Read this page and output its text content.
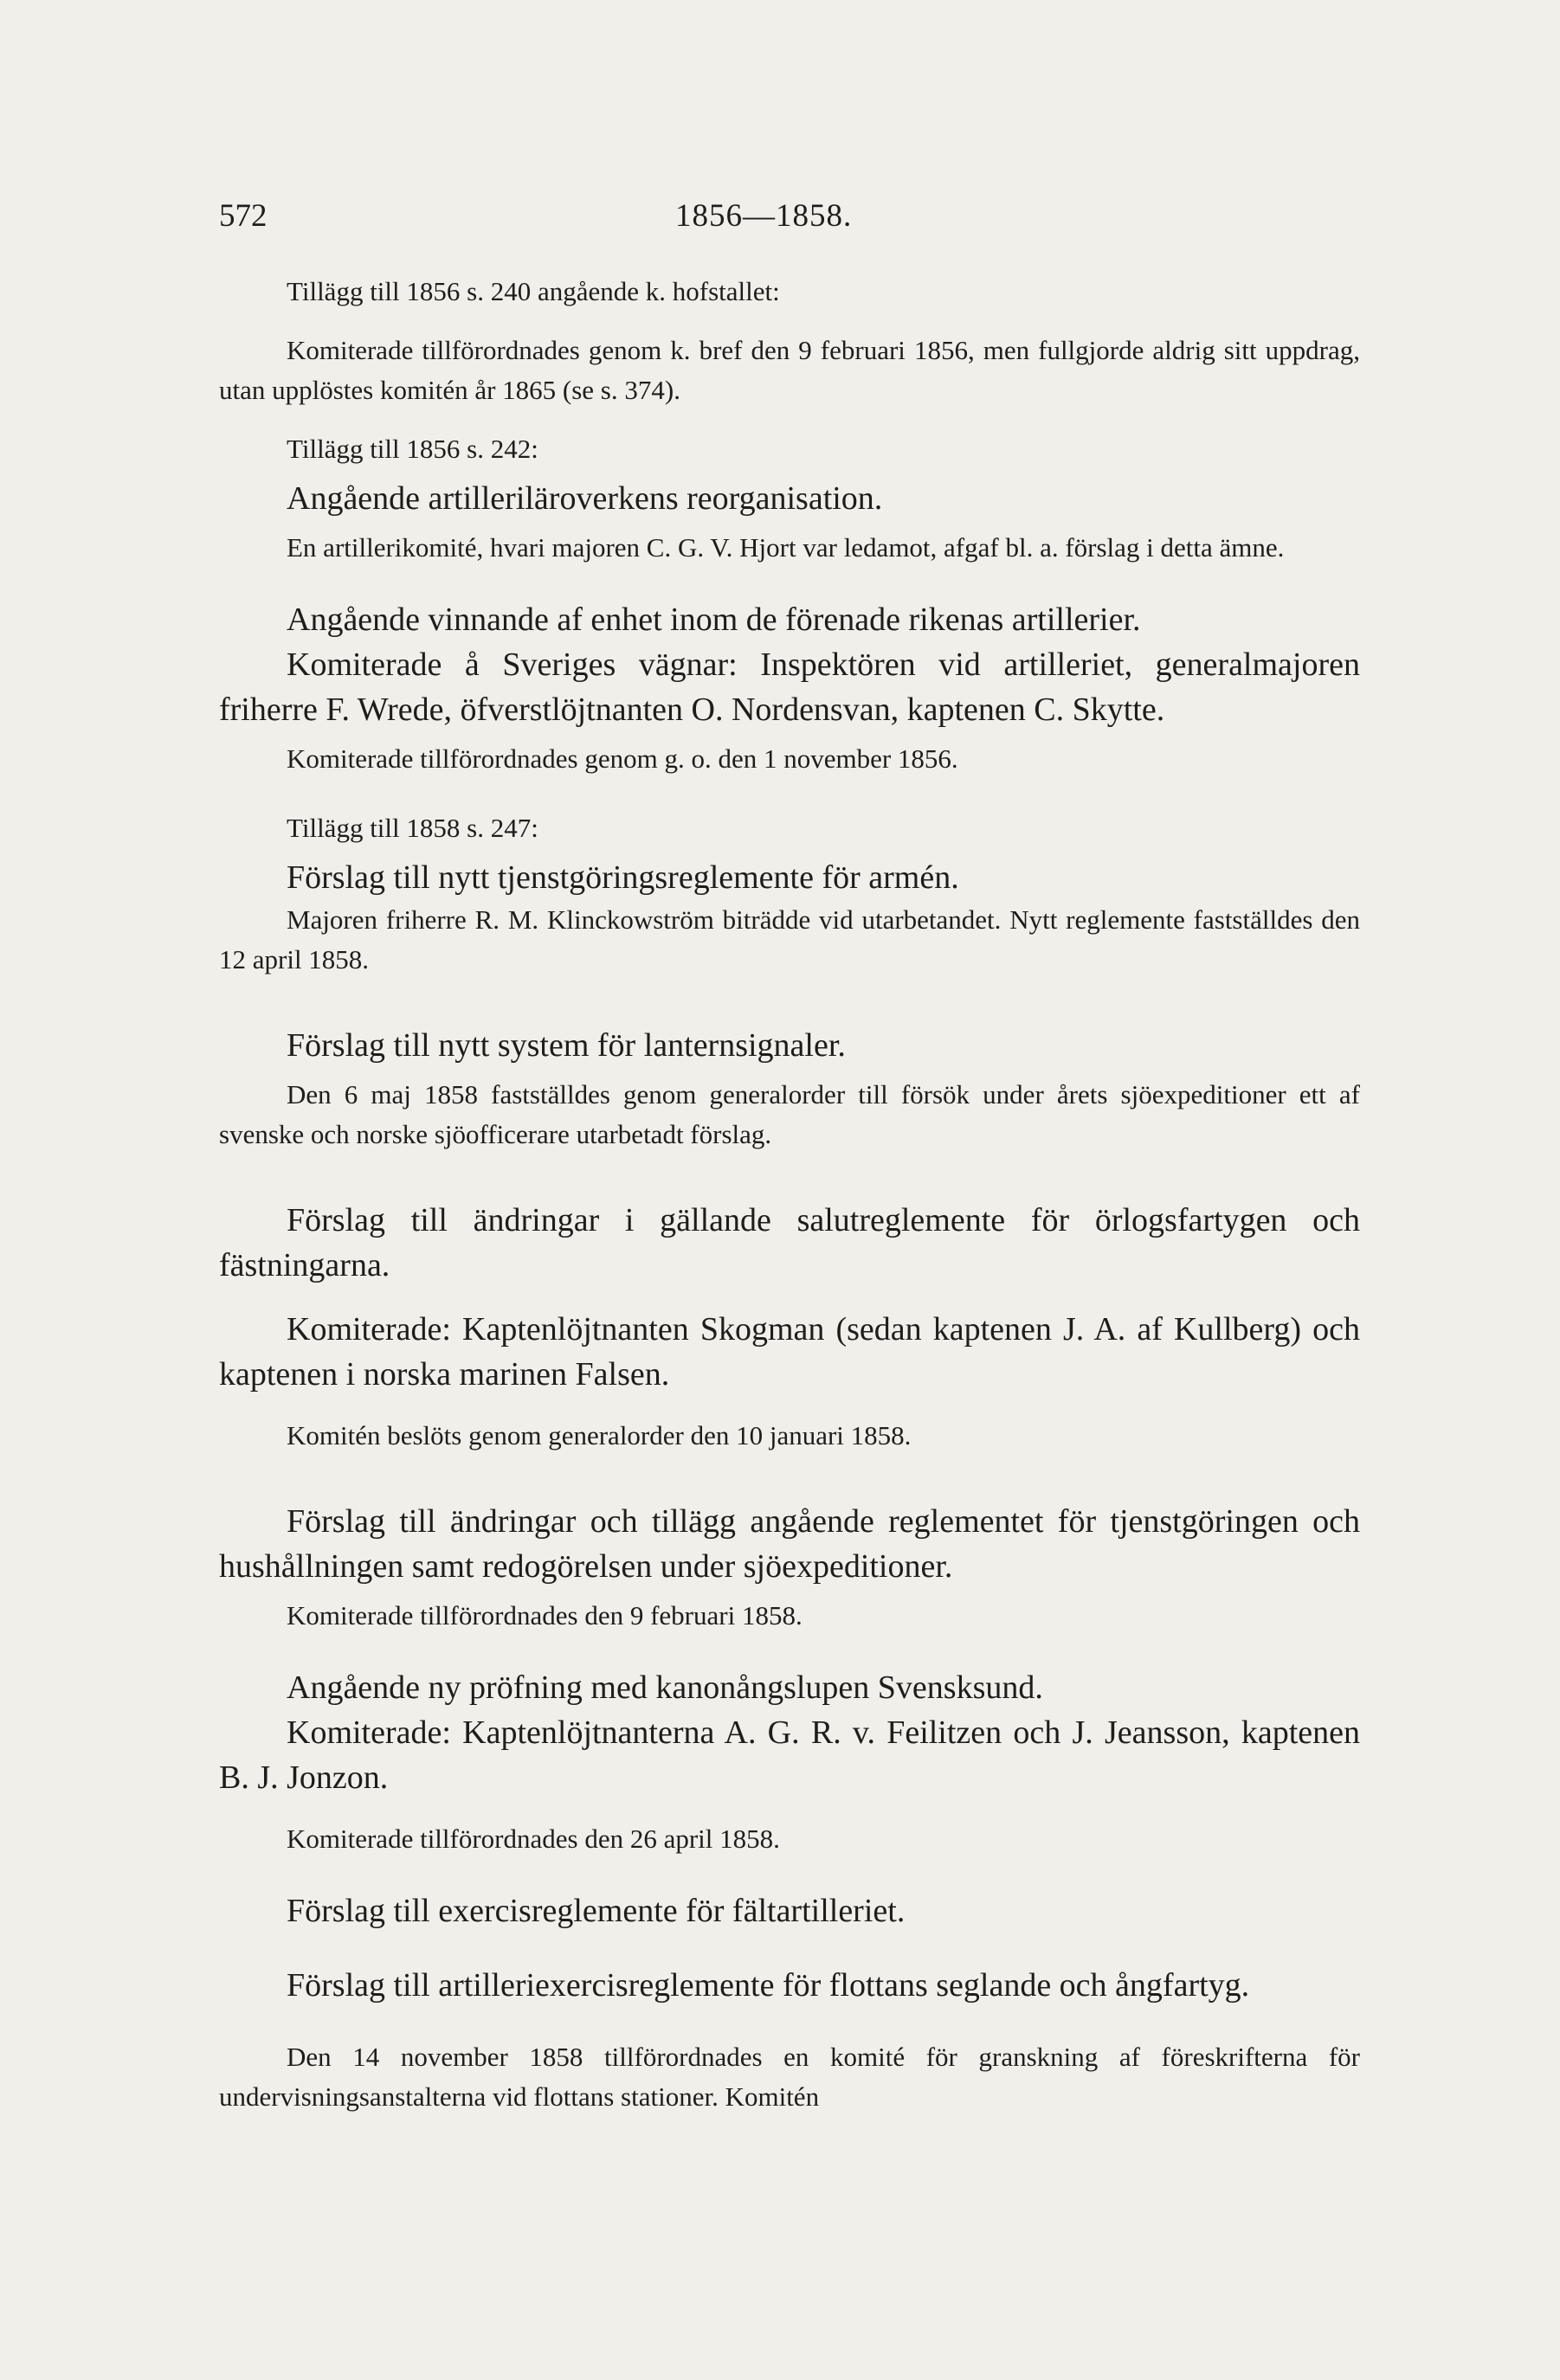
572	1856—1858.

Tillägg till 1856 s. 240 angående k. hofstallet:

Komiterade tillförordnades genom k. bref den 9 februari 1856, men fullgjorde aldrig sitt uppdrag, utan upplöstes komitén år 1865 (se s. 374).

Tillägg till 1856 s. 242:

Angående artilleriläroverkens reorganisation.

En artillerikomité, hvari majoren C. G. V. Hjort var ledamot, afgaf bl. a. förslag i detta ämne.

Angående vinnande af enhet inom de förenade rikenas artillerier.

Komiterade å Sveriges vägnar: Inspektören vid artilleriet, generalmajoren friherre F. Wrede, öfverstlöjtnanten O. Nordensvan, kaptenen C. Skytte.

Komiterade tillförordnades genom g. o. den 1 november 1856.

Tillägg till 1858 s. 247:

Förslag till nytt tjenstgöringsreglemente för armén.

Majoren friherre R. M. Klinckowström biträdde vid utarbetandet. Nytt reglemente fastställdes den 12 april 1858.

Förslag till nytt system för lanternsignaler.

Den 6 maj 1858 fastställdes genom generalorder till försök under årets sjöexpeditioner ett af svenske och norske sjöofficerare utarbetadt förslag.

Förslag till ändringar i gällande salutreglemente för örlogsfartygen och fästningarna.

Komiterade: Kaptenlöjtnanten Skogman (sedan kaptenen J. A. af Kullberg) och kaptenen i norska marinen Falsen.

Komitén beslöts genom generalorder den 10 januari 1858.

Förslag till ändringar och tillägg angående reglementet för tjenstgöringen och hushållningen samt redogörelsen under sjöexpeditioner.

Komiterade tillförordnades den 9 februari 1858.

Angående ny pröfning med kanonångslupen Svensksund.

Komiterade: Kaptenlöjtnanterna A. G. R. v. Feilitzen och J. Jeansson, kaptenen B. J. Jonzon.

Komiterade tillförordnades den 26 april 1858.

Förslag till exercisreglemente för fältartilleriet.

Förslag till artilleriexercisreglemente för flottans seglande och ångfartyg.

Den 14 november 1858 tillförordnades en komité för granskning af föreskrifterna för undervisningsanstalterna vid flottans stationer. Komitén
